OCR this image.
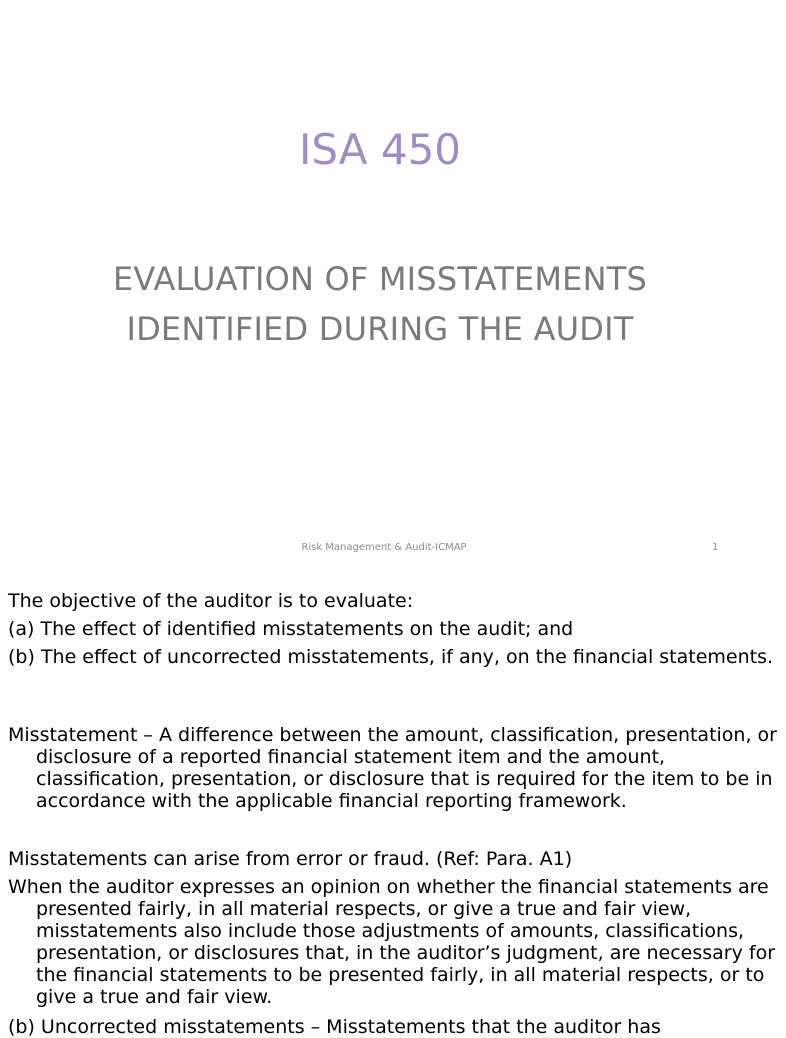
ISA 450
EVALUATION OF MISSTATEMENTS IDENTIFIED DURING THE AUDIT
Risk Management & Audit-ICMAP	1
The objective of the auditor is to evaluate:
(a) The effect of identified misstatements on the audit; and
(b) The effect of uncorrected misstatements, if any, on the financial statements.
Misstatement – A difference between the amount, classification, presentation, or disclosure of a reported financial statement item and the amount, classification, presentation, or disclosure that is required for the item to be in accordance with the applicable financial reporting framework.
Misstatements can arise from error or fraud. (Ref: Para. A1)
When the auditor expresses an opinion on whether the financial statements are presented fairly, in all material respects, or give a true and fair view, misstatements also include those adjustments of amounts, classifications, presentation, or disclosures that, in the auditor’s judgment, are necessary for the financial statements to be presented fairly, in all material respects, or to give a true and fair view.
(b) Uncorrected misstatements – Misstatements that the auditor has
